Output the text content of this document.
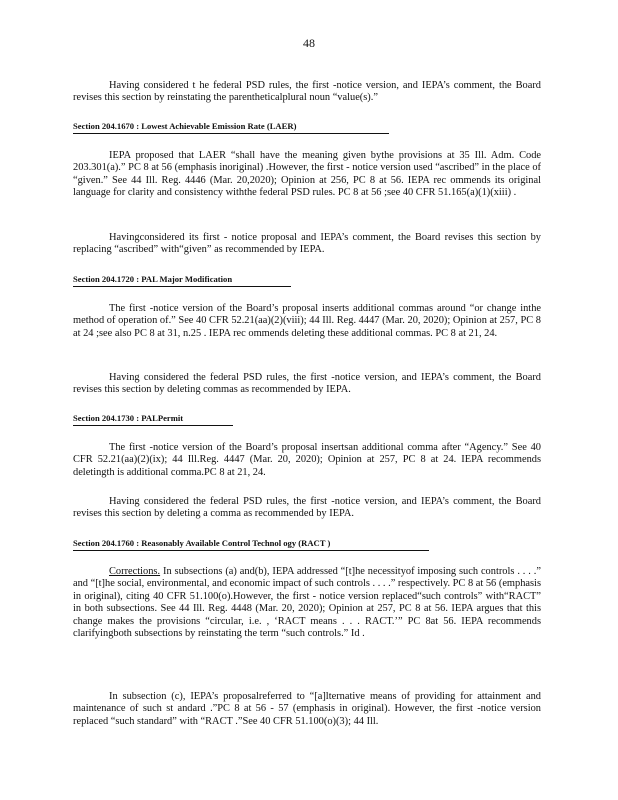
48

Having considered t he federal PSD rules, the first -notice version, and IEPA’s comment, the Board revises this section by reinstating the parentheticalplural noun “value(s).”

Section 204.1670 : Lowest Achievable Emission Rate (LAER)

IEPA proposed that LAER “shall have the meaning given bythe provisions at 35 Ill. Adm. Code 203.301(a).” PC 8 at 56 (emphasis inoriginal) .However, the first - notice version used “ascribed” in the place of “given.” See 44 Ill. Reg. 4446 (Mar. 20,2020); Opinion at 256, PC 8 at 56. IEPA rec ommends its original language for clarity and consistency withthe federal PSD rules. PC 8 at 56 ;see 40 CFR 51.165(a)(1)(xiii) .

Havingconsidered its first - notice proposal and IEPA’s comment, the Board revises this section by replacing “ascribed” with“given” as recommended by IEPA.

Section 204.1720 : PAL Major Modification

The first -notice version of the Board’s proposal inserts additional commas around “or change inthe method of operation of.” See 40 CFR 52.21(aa)(2)(viii); 44 Ill. Reg. 4447 (Mar. 20, 2020); Opinion at 257, PC 8 at 24 ;see also PC 8 at 31, n.25 . IEPA rec ommends deleting these additional commas. PC 8 at 21, 24.

Having considered the federal PSD rules, the first -notice version, and IEPA’s comment, the Board revises this section by deleting commas as recommended by IEPA.

Section 204.1730 : PALPermit

The first -notice version of the Board’s proposal insertsan additional comma after “Agency.” See 40 CFR 52.21(aa)(2)(ix); 44 Ill.Reg. 4447 (Mar. 20, 2020); Opinion at 257, PC 8 at 24. IEPA recommends deletingth is additional comma.PC 8 at 21, 24.

Having considered the federal PSD rules, the first -notice version, and IEPA’s comment, the Board revises this section by deleting a comma as recommended by IEPA.

Section 204.1760 : Reasonably Available Control Technol ogy (RACT )

Corrections. In subsections (a) and(b), IEPA addressed “[t]he necessityof imposing such controls . . . .” and “[t]he social, environmental, and economic impact of such controls . . . .” respectively. PC 8 at 56 (emphasis in original), citing 40 CFR 51.100(o).However, the first - notice version replaced“such controls” with“RACT” in both subsections. See 44 Ill. Reg. 4448 (Mar. 20, 2020); Opinion at 257, PC 8 at 56. IEPA argues that this change makes the provisions “circular, i.e. , ‘RACT means . . . RACT.’” PC 8at 56. IEPA recommends clarifyingboth subsections by reinstating the term “such controls.” Id .

In subsection (c), IEPA’s proposalreferred to “[a]lternative means of providing for attainment and maintenance of such st andard .”PC 8 at 56 - 57 (emphasis in original). However, the first -notice version replaced “such standard” with “RACT .”See 40 CFR 51.100(o)(3); 44 Ill.
